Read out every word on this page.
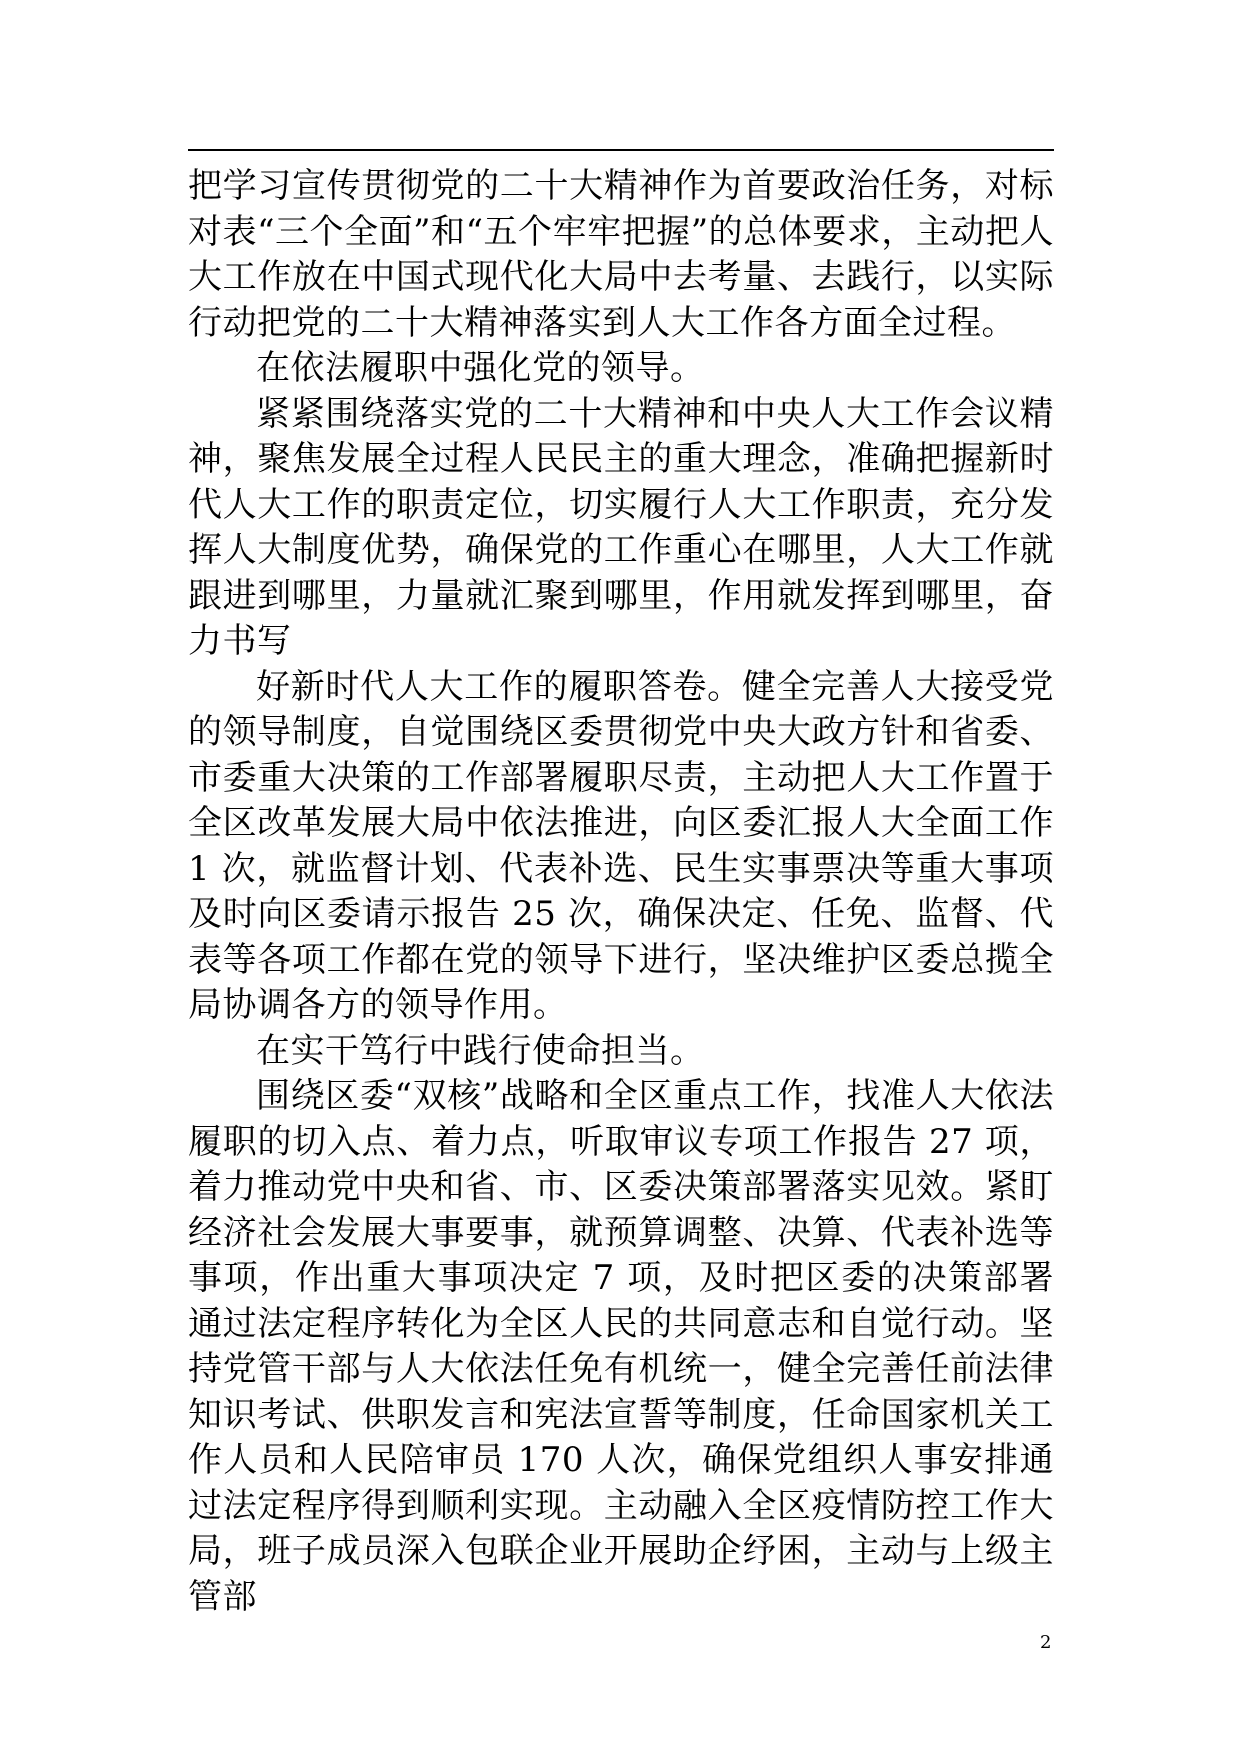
把学习宣传贯彻党的二十大精神作为首要政治任务，对标对表“三个全面”和“五个牢牢把握”的总体要求，主动把人大工作放在中国式现代化大局中去考量、去践行，以实际行动把党的二十大精神落实到人大工作各方面全过程。

在依法履职中强化党的领导。

紧紧围绕落实党的二十大精神和中央人大工作会议精神，聚焦发展全过程人民民主的重大理念，准确把握新时代人大工作的职责定位，切实履行人大工作职责，充分发挥人大制度优势，确保党的工作重心在哪里，人大工作就跟进到哪里，力量就汇聚到哪里，作用就发挥到哪里，奋力书写

好新时代人大工作的履职答卷。健全完善人大接受党的领导制度，自觉围绕区委贯彻党中央大政方针和省委、市委重大决策的工作部署履职尽责，主动把人大工作置于全区改革发展大局中依法推进，向区委汇报人大全面工作 1 次，就监督计划、代表补选、民生实事票决等重大事项及时向区委请示报告 25 次，确保决定、任免、监督、代表等各项工作都在党的领导下进行，坚决维护区委总揽全局协调各方的领导作用。

在实干笃行中践行使命担当。

围绕区委“双核”战略和全区重点工作，找准人大依法履职的切入点、着力点，听取审议专项工作报告 27 项，着力推动党中央和省、市、区委决策部署落实见效。紧盯经济社会发展大事要事，就预算调整、决算、代表补选等事项，作出重大事项决定 7 项，及时把区委的决策部署通过法定程序转化为全区人民的共同意志和自觉行动。坚持党管干部与人大依法任免有机统一，健全完善任前法律知识考试、供职发言和宪法宣誓等制度，任命国家机关工作人员和人民陪审员 170 人次，确保党组织人事安排通过法定程序得到顺利实现。主动融入全区疫情防控工作大局，班子成员深入包联企业开展助企纾困，主动与上级主管部

2
